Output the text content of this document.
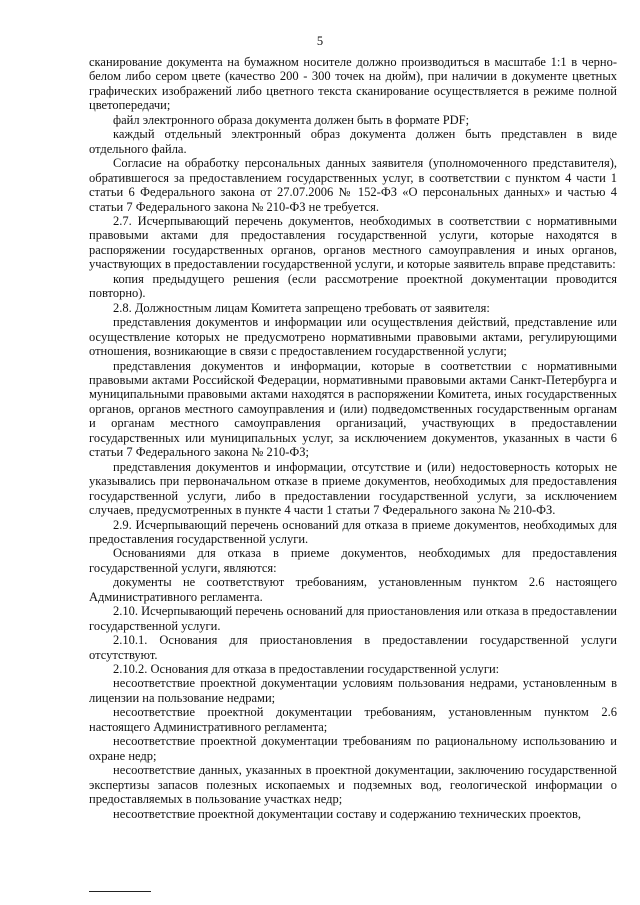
5

сканирование документа на бумажном носителе должно производиться в масштабе 1:1 в черно-белом либо сером цвете (качество 200 - 300 точек на дюйм), при наличии в документе цветных графических изображений либо цветного текста сканирование осуществляется в режиме полной цветопередачи;

файл электронного образа документа должен быть в формате PDF;

каждый отдельный электронный образ документа должен быть представлен в виде отдельного файла.

Согласие на обработку персональных данных заявителя (уполномоченного представителя), обратившегося за предоставлением государственных услуг, в соответствии с пунктом 4 части 1 статьи 6 Федерального закона от 27.07.2006 № 152-ФЗ «О персональных данных» и частью 4 статьи 7 Федерального закона № 210-ФЗ не требуется.

2.7. Исчерпывающий перечень документов, необходимых в соответствии с нормативными правовыми актами для предоставления государственной услуги, которые находятся в распоряжении государственных органов, органов местного самоуправления и иных органов, участвующих в предоставлении государственной услуги, и которые заявитель вправе представить:

копия предыдущего решения (если рассмотрение проектной документации проводится повторно).

2.8. Должностным лицам Комитета запрещено требовать от заявителя:

представления документов и информации или осуществления действий, представление или осуществление которых не предусмотрено нормативными правовыми актами, регулирующими отношения, возникающие в связи с предоставлением государственной услуги;

представления документов и информации, которые в соответствии с нормативными правовыми актами Российской Федерации, нормативными правовыми актами Санкт-Петербурга и муниципальными правовыми актами находятся в распоряжении Комитета, иных государственных органов, органов местного самоуправления и (или) подведомственных государственным органам и органам местного самоуправления организаций, участвующих в предоставлении государственных или муниципальных услуг, за исключением документов, указанных в части 6 статьи 7 Федерального закона № 210-ФЗ;

представления документов и информации, отсутствие и (или) недостоверность которых не указывались при первоначальном отказе в приеме документов, необходимых для предоставления государственной услуги, либо в предоставлении государственной услуги, за исключением случаев, предусмотренных в пункте 4 части 1 статьи 7 Федерального закона № 210-ФЗ.

2.9. Исчерпывающий перечень оснований для отказа в приеме документов, необходимых для предоставления государственной услуги.

Основаниями для отказа в приеме документов, необходимых для предоставления государственной услуги, являются:

документы не соответствуют требованиям, установленным пунктом 2.6 настоящего Административного регламента.

2.10. Исчерпывающий перечень оснований для приостановления или отказа в предоставлении государственной услуги.

2.10.1. Основания для приостановления в предоставлении государственной услуги отсутствуют.

2.10.2. Основания для отказа в предоставлении государственной услуги:

несоответствие проектной документации условиям пользования недрами, установленным в лицензии на пользование недрами;

несоответствие проектной документации требованиям, установленным пунктом 2.6 настоящего Административного регламента;

несоответствие проектной документации требованиям по рациональному использованию и охране недр;

несоответствие данных, указанных в проектной документации, заключению государственной экспертизы запасов полезных ископаемых и подземных вод, геологической информации о предоставляемых в пользование участках недр;

несоответствие проектной документации составу и содержанию технических проектов,
